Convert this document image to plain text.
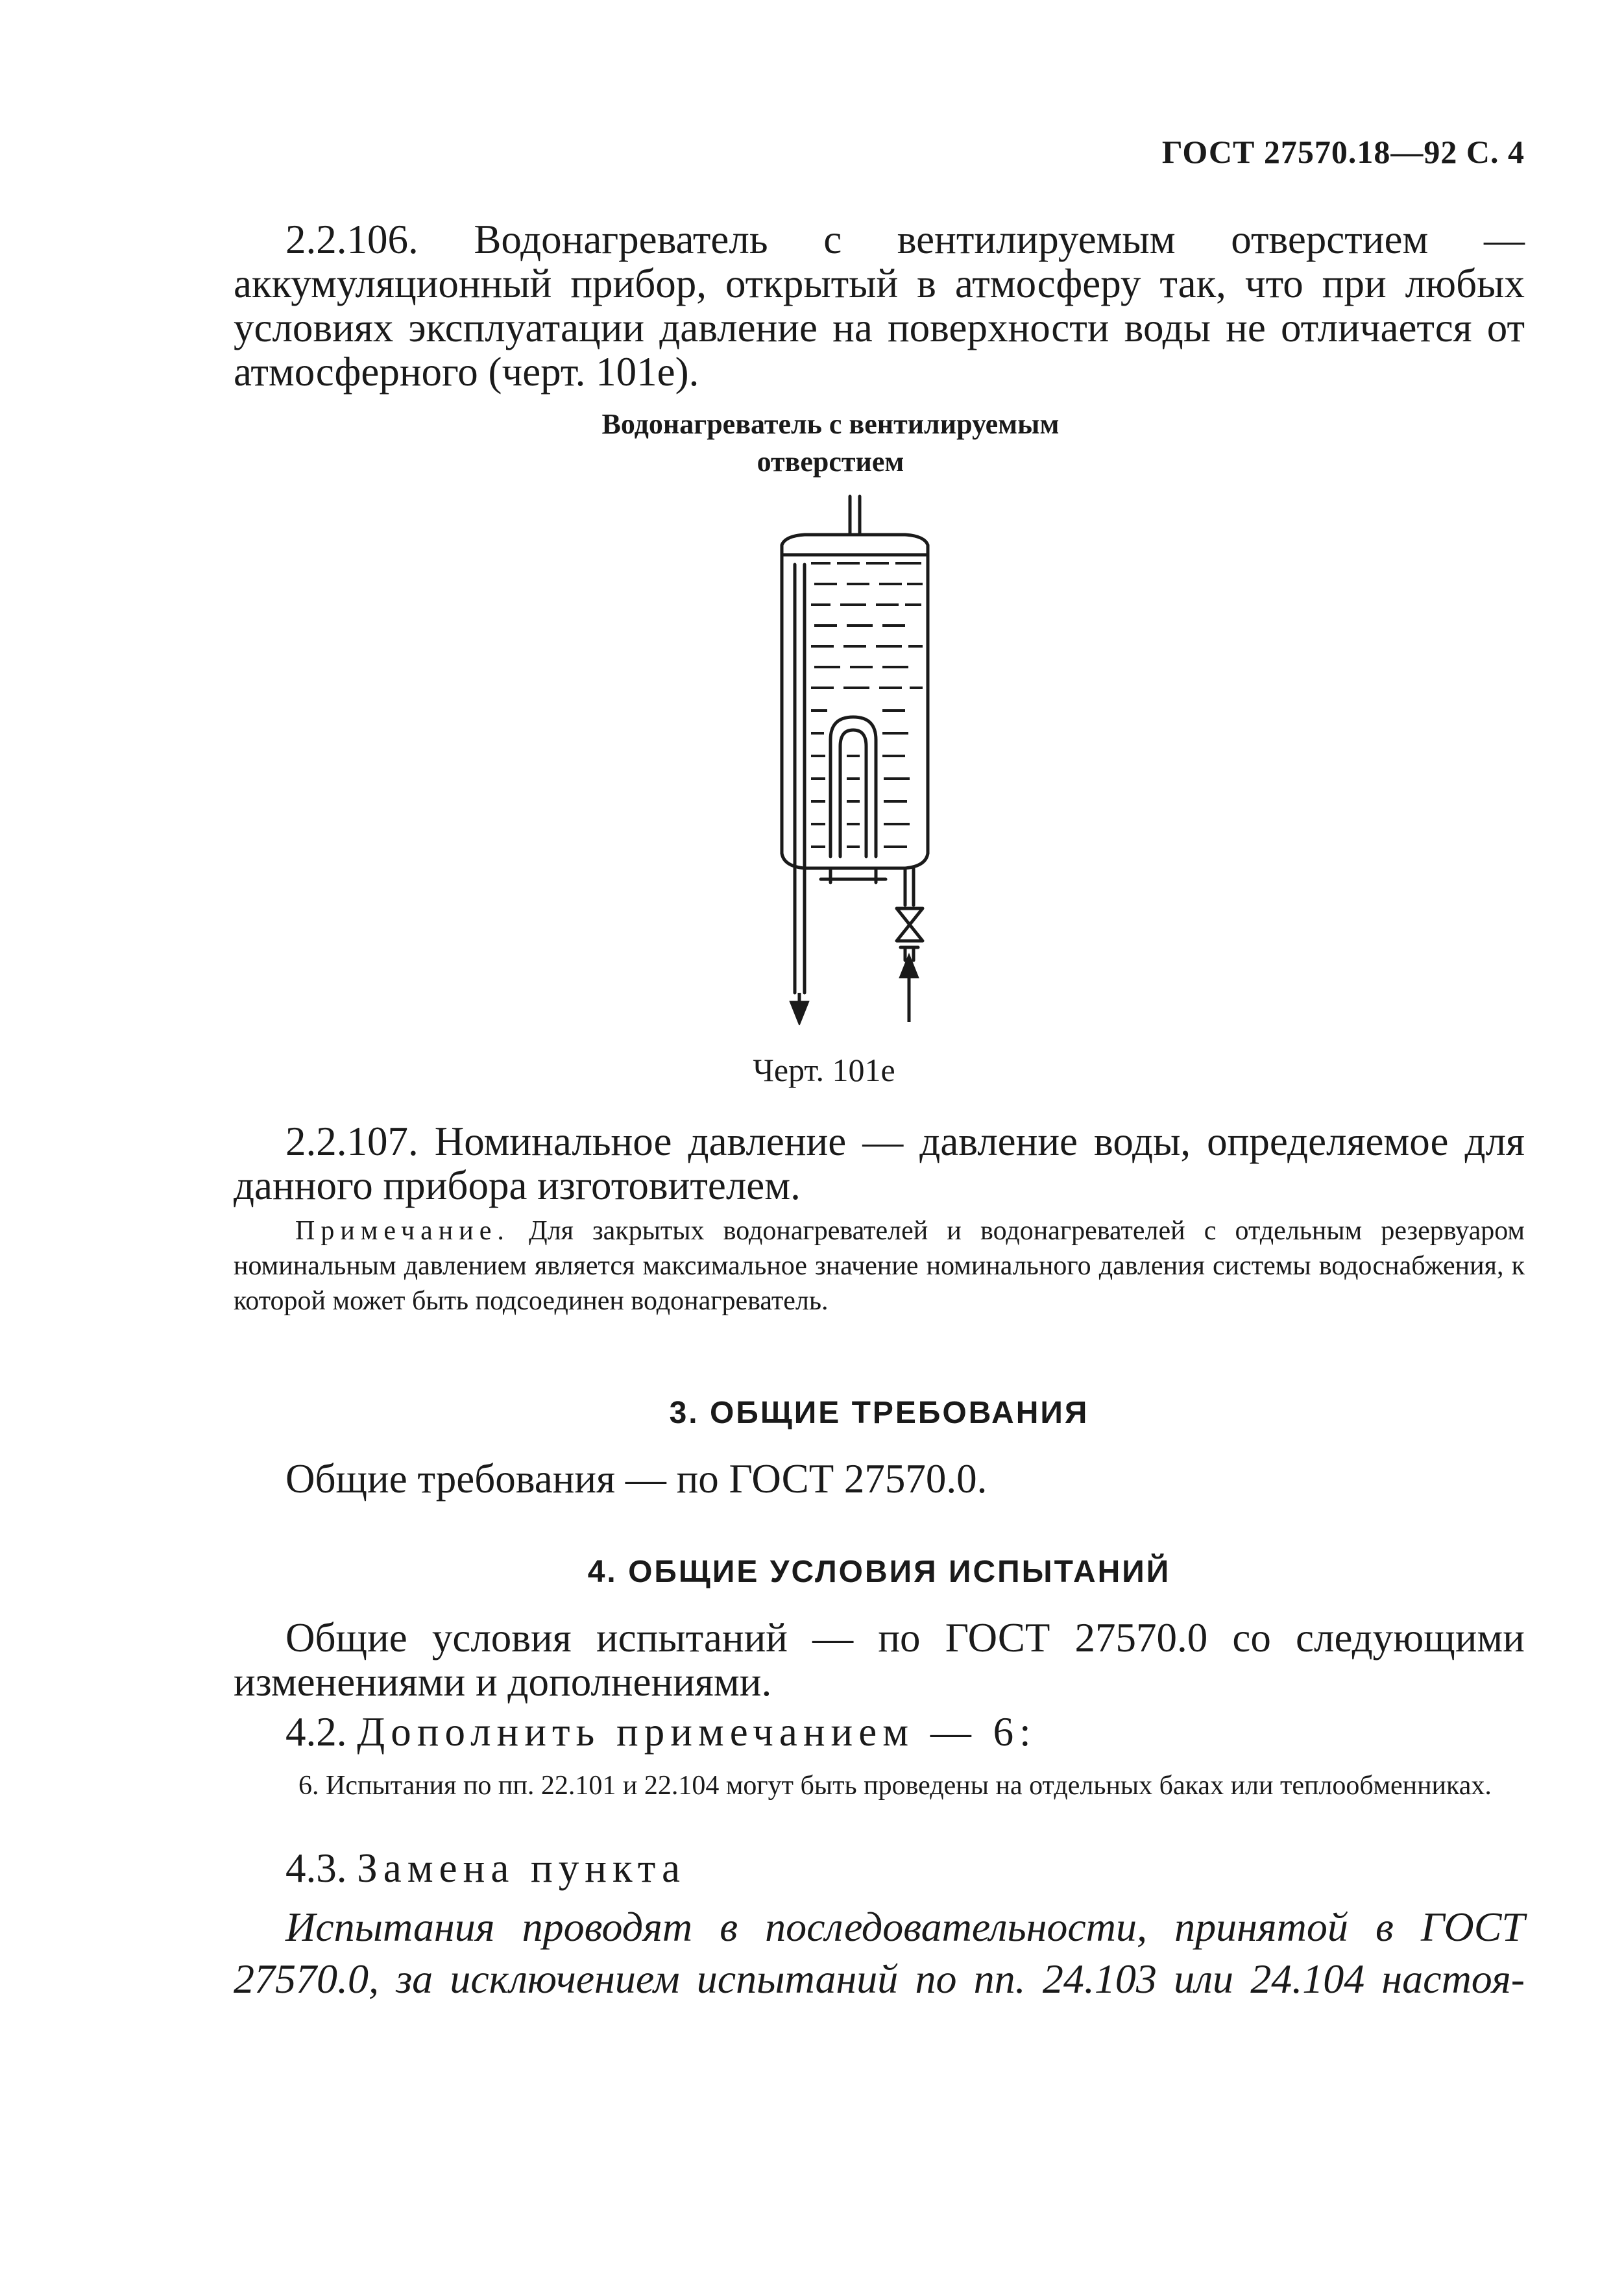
ГОСТ 27570.18—92 С. 4
2.2.106. Водонагреватель с вентилируемым отверстием — аккумуляционный прибор, открытый в атмосферу так, что при любых условиях эксплуатации давление на поверхности воды не отличается от атмосферного (черт. 101е).
Водонагреватель с вентилируемым
отверстием
Черт. 101е
2.2.107. Номинальное давление — давление воды, определяемое для данного прибора изготовителем.
Примечание. Для закрытых водонагревателей и водонагревателей с отдельным резервуаром номинальным давлением является максимальное значение номинального давления системы водоснабжения, к которой может быть подсоединен водонагреватель.
3. ОБЩИЕ ТРЕБОВАНИЯ
Общие требования — по ГОСТ 27570.0.
4. ОБЩИЕ УСЛОВИЯ ИСПЫТАНИЙ
Общие условия испытаний — по ГОСТ 27570.0 со следующими изменениями и дополнениями.
4.2. Дополнить примечанием — 6:
6. Испытания по пп. 22.101 и 22.104 могут быть проведены на отдельных баках или теплообменниках.
4.3. Замена пункта
Испытания проводят в последовательности, принятой в ГОСТ
27570.0, за исключением испытаний по пп. 24.103 или 24.104 настоя-
